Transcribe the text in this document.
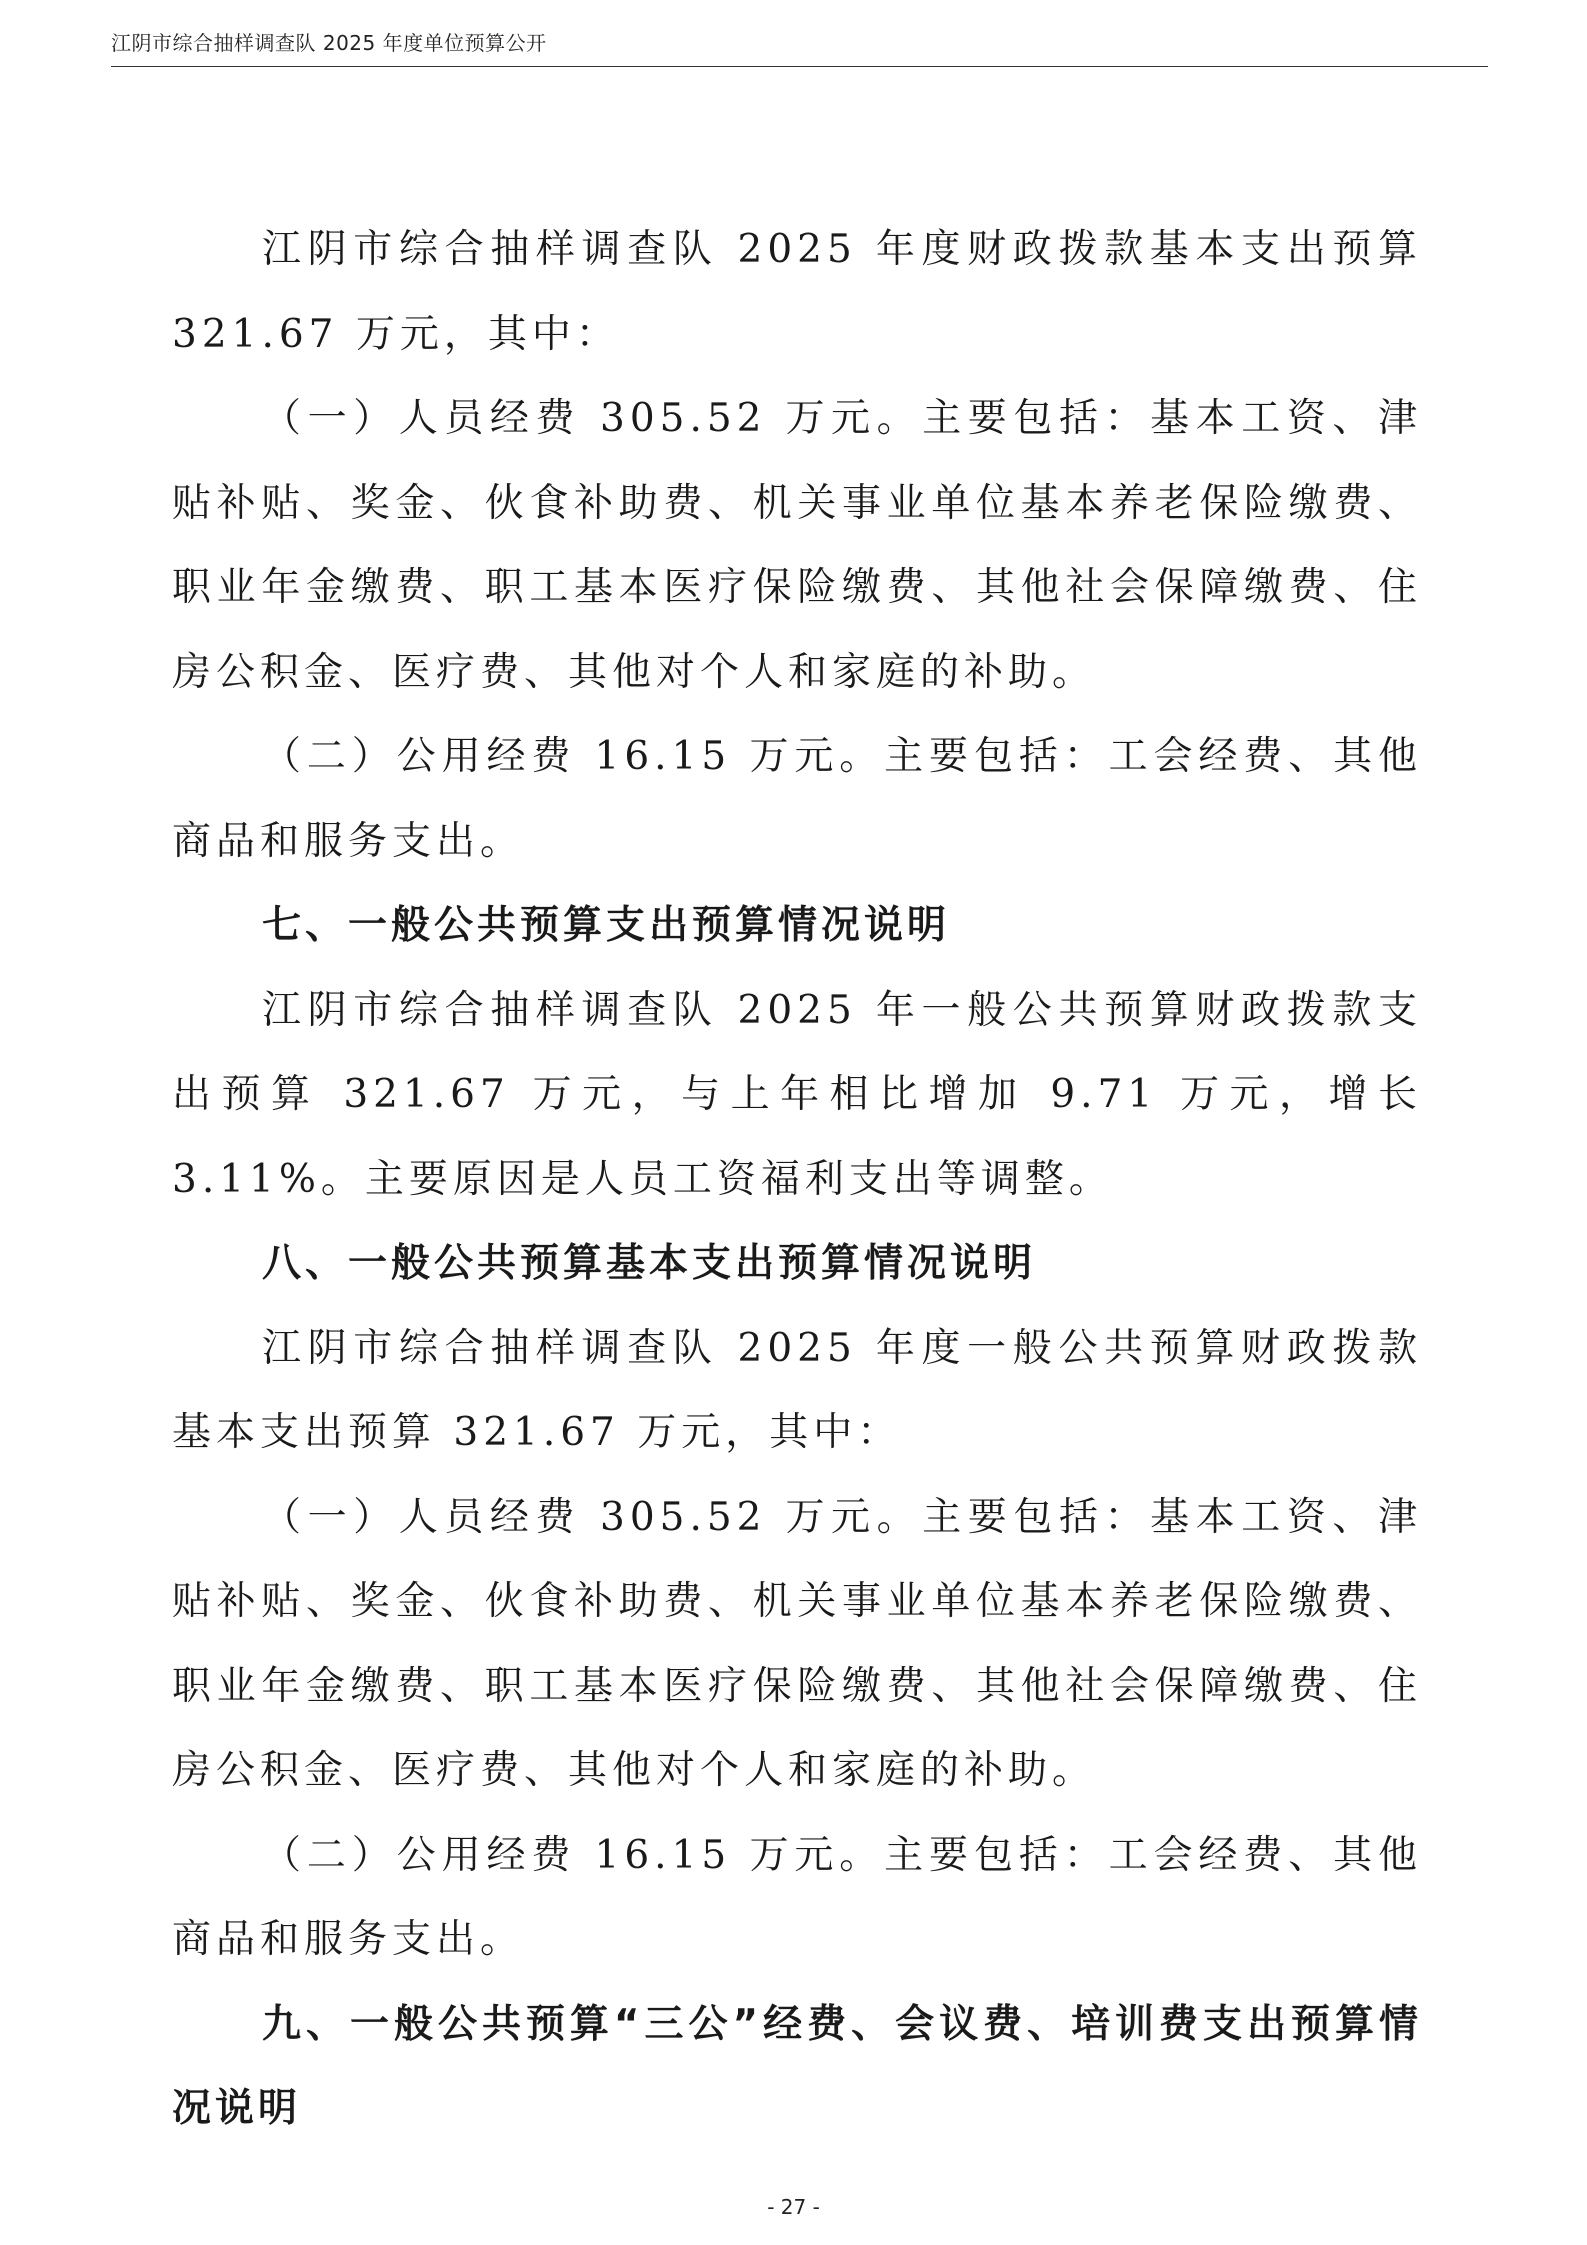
江阴市综合抽样调查队 2025 年度单位预算公开

江阴市综合抽样调查队 2025 年度财政拨款基本支出预算321.67 万元，其中：

（一）人员经费 305.52 万元。主要包括：基本工资、津贴补贴、奖金、伙食补助费、机关事业单位基本养老保险缴费、职业年金缴费、职工基本医疗保险缴费、其他社会保障缴费、住房公积金、医疗费、其他对个人和家庭的补助。

（二）公用经费 16.15 万元。主要包括：工会经费、其他商品和服务支出。

七、一般公共预算支出预算情况说明

江阴市综合抽样调查队 2025 年一般公共预算财政拨款支出预算 321.67 万元，与上年相比增加 9.71 万元，增长 3.11%。主要原因是人员工资福利支出等调整。

八、一般公共预算基本支出预算情况说明

江阴市综合抽样调查队 2025 年度一般公共预算财政拨款基本支出预算 321.67 万元，其中：

（一）人员经费 305.52 万元。主要包括：基本工资、津贴补贴、奖金、伙食补助费、机关事业单位基本养老保险缴费、职业年金缴费、职工基本医疗保险缴费、其他社会保障缴费、住房公积金、医疗费、其他对个人和家庭的补助。

（二）公用经费 16.15 万元。主要包括：工会经费、其他商品和服务支出。

九、一般公共预算“三公”经费、会议费、培训费支出预算情况说明

- 27 -
